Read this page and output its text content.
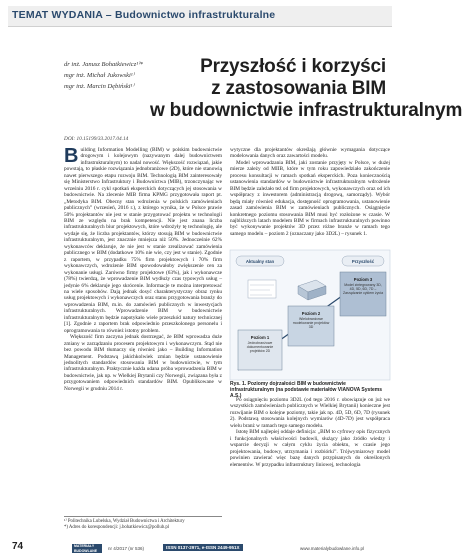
TEMAT WYDANIA – Budownictwo infrastrukturalne
dr inż. Janusz Bohatkiewicz¹⁾*
mgr inż. Michał Jukowski¹⁾
mgr inż. Marcin Dębiński¹⁾
Przyszłość i korzyści
z zastosowania BIM
w budownictwie infrastrukturalnym
DOI: 10.15199/33.2017.04.14

Building Information Modelling (BIM) w polskim budownictwie drogowym i kolejowym (nazywanym dalej budownictwem infrastrukturalnym) to nadal nowość. Większość rozwiązań, jakie powstają, to płaskie rozwiązania jednobranżowe (2D), które nie stanowią nawet pierwszego etapu rozwoju BIM. Technologią BIM zainteresowały się Ministerstwo Infrastruktury i Budownictwa (MIB), trzonczynając we wrześniu 2016 r. cykl spotkań eksperckich dotyczących jej stosowania w budownictwie. Na zlecenie MIB firma KPMG przygotowała raport pt. „Metodyka BIM. Obecny stan wdrożenia w polskich zamówieniach publicznych” (wrzesień, 2016 r.), z którego wynika, że w Polsce prawie 50% projektantów nie jest w stanie przygotować projektu w technologii BIM ze względu na brak kompetencji. Nie jest znana liczba infrastrukturalnych biur projektowych, które wdrożyły tę technologię, ale wydaje się, że liczba projektantów, którzy stosują BIM w budownictwie infrastrukturalnym, jest znacznie mniejsza niż 50%. Jednocześnie 62% wykonawców deklaruje, że nie jest w stanie zrealizować zamówienia publicznego w BIM (dodatkowe 10% nie wie, czy jest w stanie). Zgodnie z raportem, w przypadku 75% firm projektowych i 70% firm wykonawczych, wdrożenie BIM spowodowałoby zwiększenie cen za wykonanie usługi. Zarówno firmy projektowe (63%), jak i wykonawcze (78%) twierdzą, że wprowadzenie BIM wydłuży czas typowych usług – jedynie 6% deklaruje jego skrócenie. Informacje te można interpretować na wiele sposobów. Dają jednak dosyć charakterystyczny obraz rynku usług projektowych i wykonawczych oraz stanu przygotowania branży do wprowadzenia BIM, m.in. do zamówień publicznych w inwestycjach infrastrukturalnych. Wprowadzenie BIM w budownictwie infrastrukturalnym będzie napotykało wiele przeszkód natury technicznej [1]. Zgodnie z raportem brak odpowiednio przeszkolonego personelu i oprogramowania to również istotny problem.

Większość firm zaczyna jednak dostrzegać, że BIM wprowadza duże zmiany w zarządzaniu procesem projektowym i wykonawczym. Stąd nie bez powodu BIM tłumaczy się również jako – Building Information Management. Podstawą jakichkolwiek zmian będzie ustanowienie jednolitych standardów stosowania BIM w budownictwie, w tym infrastrukturalnym. Praktycznie każda udana próba wprowadzenia BIM w budownictwie, jak np. w Wielkiej Brytanii czy Norwegii, związana była z przygotowaniem odpowiednich standardów BIM. Opublikowane w Norwegii w grudniu 2014 r.

wytyczne dla projektantów określają głównie wymagania dotyczące modelowania danych oraz zawartości modelu.

Model wprowadzania BIM, jaki zostanie przyjęty w Polsce, w dużej mierze zależy od MIIB, które w tym roku zapowiedziało zakończenie procesu konsultacji w ramach spotkań eksperckich. Poza koniecznością ustanowienia standardów w budownictwie infrastrukturalnym wdrożenie BIM będzie zależało też od firm projektowych, wykonawczych oraz od ich współpracy z inwestorem (administracją drogową, samorządy). Wybór będą miały również edukacja, dostępność oprogramowania, ustanowienie zasad zamówienia BIM w zamówieniach publicznych. Osiągnięcie konkretnego poziomu stosowania BIM musi być rozłożone w czasie. W najbliższych latach modelem BIM w firmach infrastrukturalnych powinno być wykonywanie projektów 3D przez różne branże w ramach tego samego modelu – poziom 2 (oznaczany jako 3D2L) – rysunek 1.

Aktualny stan	Przyszłość
Poziom 1
Jednobranżowe dokumentowanie projektów 2D
Poziom 2
Wielobranżowe modelowanie projektów 3D
Poziom 3
Model zintegrowany 3D, 4D, 5D, 6D, 7D – Zarządzanie cyklem życia
Rys. 1. Poziomy dojrzałości BIM w budownictwie infrastrukturalnym (na podstawie materiałów VIANOVA Systems A.S.)

Po osiągnięciu poziomu 3D2L (od tego 2016 r. obowiązuje on już we wszystkich zamówieniach publicznych w Wielkiej Brytanii) konieczne jest rozwijanie BIM o kolejne poziomy, takie jak np. 4D, 5D, 6D, 7D (rysunek 2). Podstawą stosowania kolejnych wymiarów (4D-7D) jest współpraca wielu branż w ramach tego samego modelu.

Istotę BIM najlepiej oddaje definicja: „BIM to cyfrowy opis fizycznych i funkcjonalnych właściwości budowli, służący jako źródło wiedzy i wsparcie decyzji w całym cyklu życia obiektu, w czasie jego projektowania, budowy, utrzymania i rozbiórki”. Trójwymiarowy model powinien zawierać więc bazę danych przypisanych do określonych elementów. W przypadku infrastruktury liniowej, technologia

¹⁾ Politechnika Lubelska, Wydział Budownictwa i Architektury
*) Adres do korespondencji: j.bohatkiewicz@pollub.pl
74	MATERIAŁY BUDOWLANE	nr 4/2017 (nr 536)	ISSN 0137-2971, e-ISSN 2449-951X	www.materialybudowlane.info.pl
